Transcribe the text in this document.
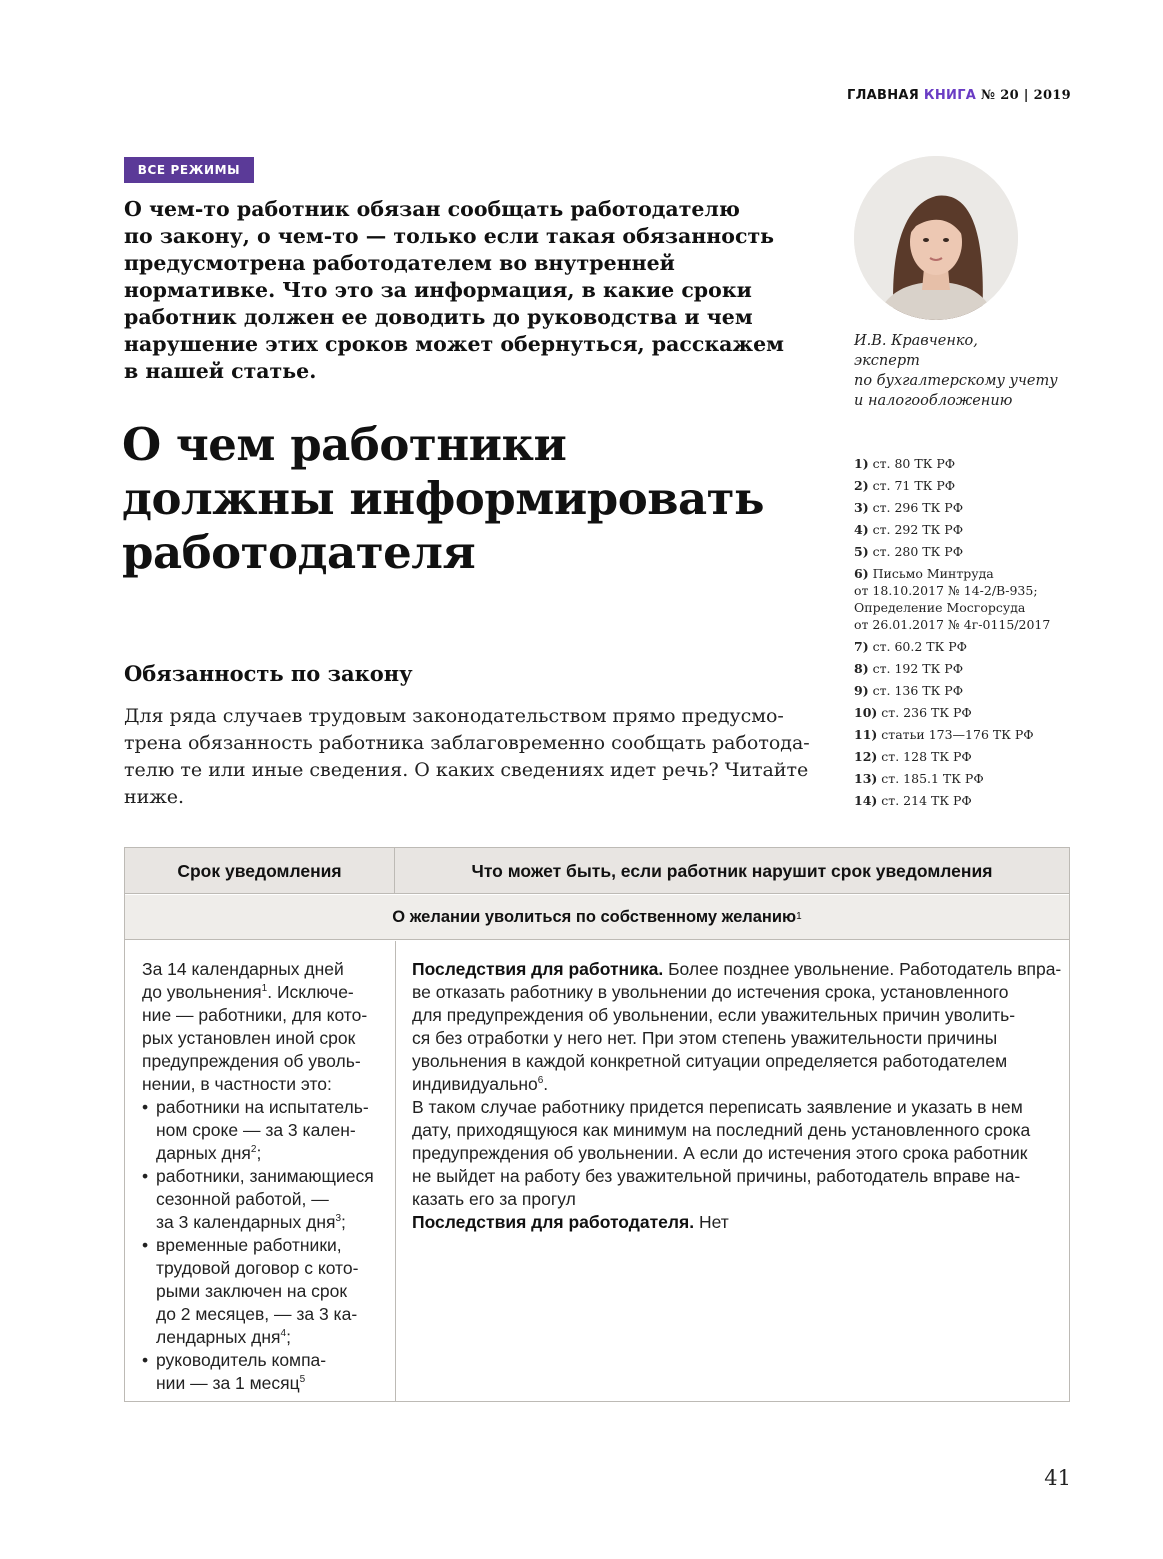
ГЛАВНАЯ КНИГА № 20 | 2019
ВСЕ РЕЖИМЫ
О чем-то работник обязан сообщать работодателю
по закону, о чем-то — только если такая обязанность
предусмотрена работодателем во внутренней
нормативке. Что это за информация, в какие сроки
работник должен ее доводить до руководства и чем
нарушение этих сроков может обернуться, расскажем
в нашей статье.
О чем работники
должны информировать
работодателя
И.В. Кравченко,
эксперт
по бухгалтерскому учету
и налогообложению
1) ст. 80 ТК РФ
2) ст. 71 ТК РФ
3) ст. 296 ТК РФ
4) ст. 292 ТК РФ
5) ст. 280 ТК РФ
6) Письмо Минтруда
от 18.10.2017 № 14-2/В-935;
Определение Мосгорсуда
от 26.01.2017 № 4г-0115/2017
7) ст. 60.2 ТК РФ
8) ст. 192 ТК РФ
9) ст. 136 ТК РФ
10) ст. 236 ТК РФ
11) статьи 173—176 ТК РФ
12) ст. 128 ТК РФ
13) ст. 185.1 ТК РФ
14) ст. 214 ТК РФ
Обязанность по закону
Для ряда случаев трудовым законодательством прямо предусмо-
трена обязанность работника заблаговременно сообщать работода-
телю те или иные сведения. О каких сведениях идет речь? Читайте
ниже.
Срок уведомления	Что может быть, если работник нарушит срок уведомления
О желании уволиться по собственному желанию 1
За 14 календарных дней
до увольнения$^1$. Исключе-
ние — работники, для кото-
рых установлен иной срок
предупреждения об уволь-
нении, в частности это:
• работники на испытатель-
ном сроке — за 3 кален-
дарных дня$^2$;
• работники, занимающиеся
сезонной работой, —
за 3 календарных дня$^3$;
• временные работники,
трудовой договор с кото-
рыми заключен на срок
до 2 месяцев, — за 3 ка-
лендарных дня$^4$;
• руководитель компа-
нии — за 1 месяц$^5$
Последствия для работника. Более позднее увольнение. Работодатель впра-
ве отказать работнику в увольнении до истечения срока, установленного
для предупреждения об увольнении, если уважительных причин уволить-
ся без отработки у него нет. При этом степень уважительности причины
увольнения в каждой конкретной ситуации определяется работодателем
индивидуально$^6$.
В таком случае работнику придется переписать заявление и указать в нем
дату, приходящуюся как минимум на последний день установленного срока
предупреждения об увольнении. А если до истечения этого срока работник
не выйдет на работу без уважительной причины, работодатель вправе на-
казать его за прогул
Последствия для работодателя. Нет
41
